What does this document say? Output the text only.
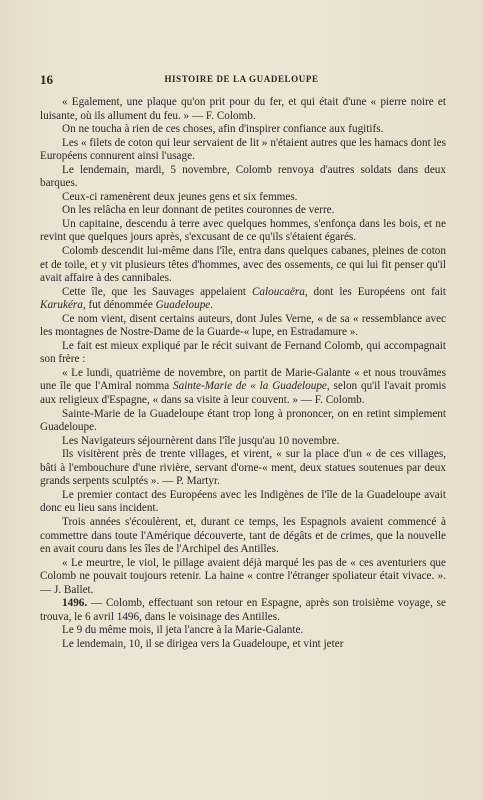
16	HISTOIRE DE LA GUADELOUPE

« Egalement, une plaque qu'on prit pour du fer, et qui était d'une « pierre noire et luisante, où ils allument du feu. » — F. Colomb.

On ne toucha à rien de ces choses, afin d'inspirer confiance aux fugitifs.

Les « filets de coton qui leur servaient de lit » n'étaient autres que les hamacs dont les Européens connurent ainsi l'usage.

Le lendemain, mardi, 5 novembre, Colomb renvoya d'autres soldats dans deux barques.

Ceux-ci ramenèrent deux jeunes gens et six femmes.

On les relâcha en leur donnant de petites couronnes de verre.

Un capitaine, descendu à terre avec quelques hommes, s'enfonça dans les bois, et ne revint que quelques jours après, s'excusant de ce qu'ils s'étaient égarés.

Colomb descendit lui-même dans l'île, entra dans quelques cabanes, pleines de coton et de toile, et y vit plusieurs têtes d'hommes, avec des ossements, ce qui lui fit penser qu'il avait affaire à des cannibales.

Cette île, que les Sauvages appelaient Caloucaëra, dont les Européens ont fait Karukéra, fut dénommée Guadeloupe.

Ce nom vient, disent certains auteurs, dont Jules Verne, « de sa « ressemblance avec les montagnes de Nostre-Dame de la Guarde-« lupe, en Estradamure ».

Le fait est mieux expliqué par le récit suivant de Fernand Colomb, qui accompagnait son frère :

« Le lundi, quatrième de novembre, on partit de Marie-Galante « et nous trouvâmes une île que l'Amiral nomma Sainte-Marie de « la Guadeloupe, selon qu'il l'avait promis aux religieux d'Espagne, « dans sa visite à leur couvent. » — F. Colomb.

Sainte-Marie de la Guadeloupe étant trop long à prononcer, on en retint simplement Guadeloupe.

Les Navigateurs séjournèrent dans l'île jusqu'au 10 novembre.

Ils visitèrent près de trente villages, et virent, « sur la place d'un « de ces villages, bâti à l'embouchure d'une rivière, servant d'orne-« ment, deux statues soutenues par deux grands serpents sculptés ». — P. Martyr.

Le premier contact des Européens avec les Indigènes de l'île de la Guadeloupe avait donc eu lieu sans incident.

Trois années s'écoulèrent, et, durant ce temps, les Espagnols avaient commencé à commettre dans toute l'Amérique découverte, tant de dégâts et de crimes, que la nouvelle en avait couru dans les îles de l'Archipel des Antilles.

« Le meurtre, le viol, le pillage avaient déjà marqué les pas de « ces aventuriers que Colomb ne pouvait toujours retenir. La haine « contre l'étranger spoliateur était vivace. ». — J. Ballet.

1496. — Colomb, effectuant son retour en Espagne, après son troisième voyage, se trouva, le 6 avril 1496, dans le voisinage des Antilles.

Le 9 du même mois, il jeta l'ancre à la Marie-Galante.

Le lendemain, 10, il se dirigea vers la Guadeloupe, et vint jeter
